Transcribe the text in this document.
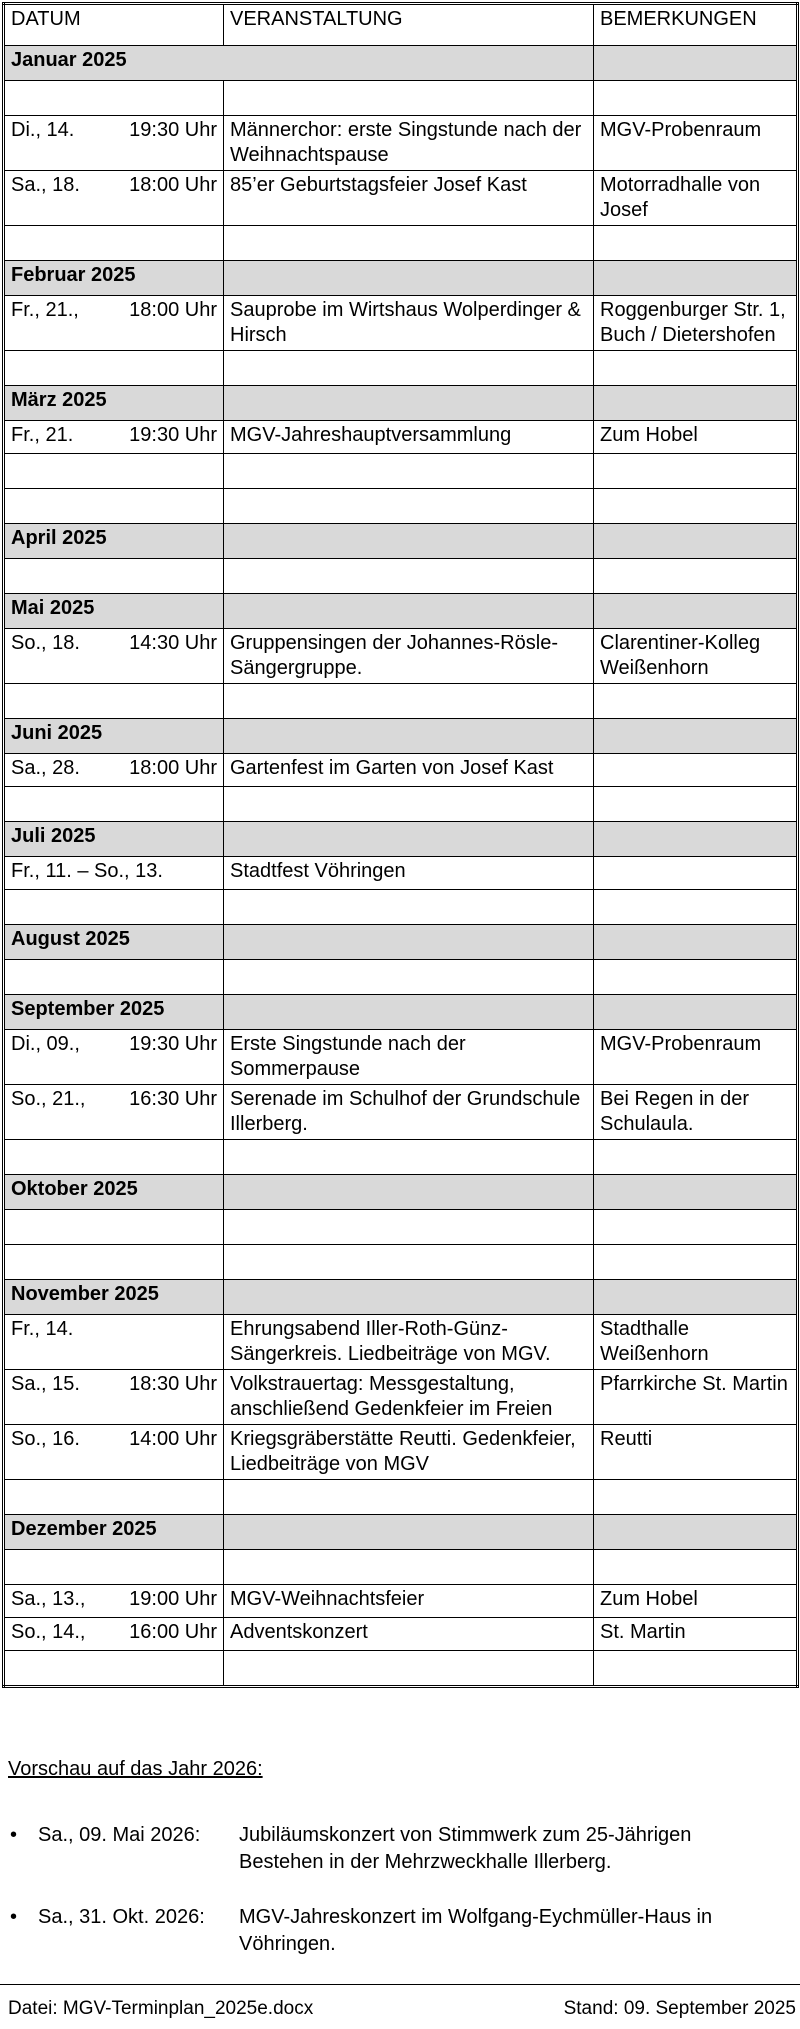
DATUM	VERANSTALTUNG	BEMERKUNGEN
Januar 2025		

Di., 14. 19:30 Uhr	Männerchor: erste Singstunde nach der Weihnachtspause	MGV-Probenraum

Sa., 18. 18:00 Uhr	85’er Geburtstagsfeier Josef Kast	Motorradhalle von Josef

Februar 2025		

Fr., 21., 18:00 Uhr	Sauprobe im Wirtshaus Wolperdinger & Hirsch	Roggenburger Str. 1, Buch / Dietershofen

März 2025		

Fr., 21. 19:30 Uhr	MGV-Jahreshauptversammlung	Zum Hobel

April 2025		

Mai 2025		

So., 18. 14:30 Uhr	Gruppensingen der Johannes-Rösle-Sängergruppe.	Clarentiner-Kolleg Weißenhorn

Juni 2025		

Sa., 28. 18:00 Uhr	Gartenfest im Garten von Josef Kast	

Juli 2025		
Fr., 11. – So., 13.	Stadtfest Vöhringen	

August 2025		

September 2025		

Di., 09., 19:30 Uhr	Erste Singstunde nach der Sommerpause	MGV-Probenraum

So., 21., 16:30 Uhr	Serenade im Schulhof der Grundschule Illerberg.	Bei Regen in der Schulaula.

Oktober 2025		

November 2025		

Fr., 14.	Ehrungsabend Iller-Roth-Günz-Sängerkreis. Liedbeiträge von MGV.	Stadthalle Weißenhorn

Sa., 15. 18:30 Uhr	Volkstrauertag: Messgestaltung, anschließend Gedenkfeier im Freien	Pfarrkirche St. Martin

So., 16. 14:00 Uhr	Kriegsgräberstätte Reutti. Gedenkfeier, Liedbeiträge von MGV	Reutti

Dezember 2025		

Sa., 13., 19:00 Uhr	MGV-Weihnachtsfeier	Zum Hobel

So., 14., 16:00 Uhr	Adventskonzert	St. Martin

Vorschau auf das Jahr 2026:
• Sa., 09. Mai 2026: Jubiläumskonzert von Stimmwerk zum 25-Jährigen Bestehen in der Mehrzweckhalle Illerberg.
• Sa., 31. Okt. 2026: MGV-Jahreskonzert im Wolfgang-Eychmüller-Haus in Vöhringen.
Datei: MGV-Terminplan_2025e.docx	Stand: 09. September 2025
